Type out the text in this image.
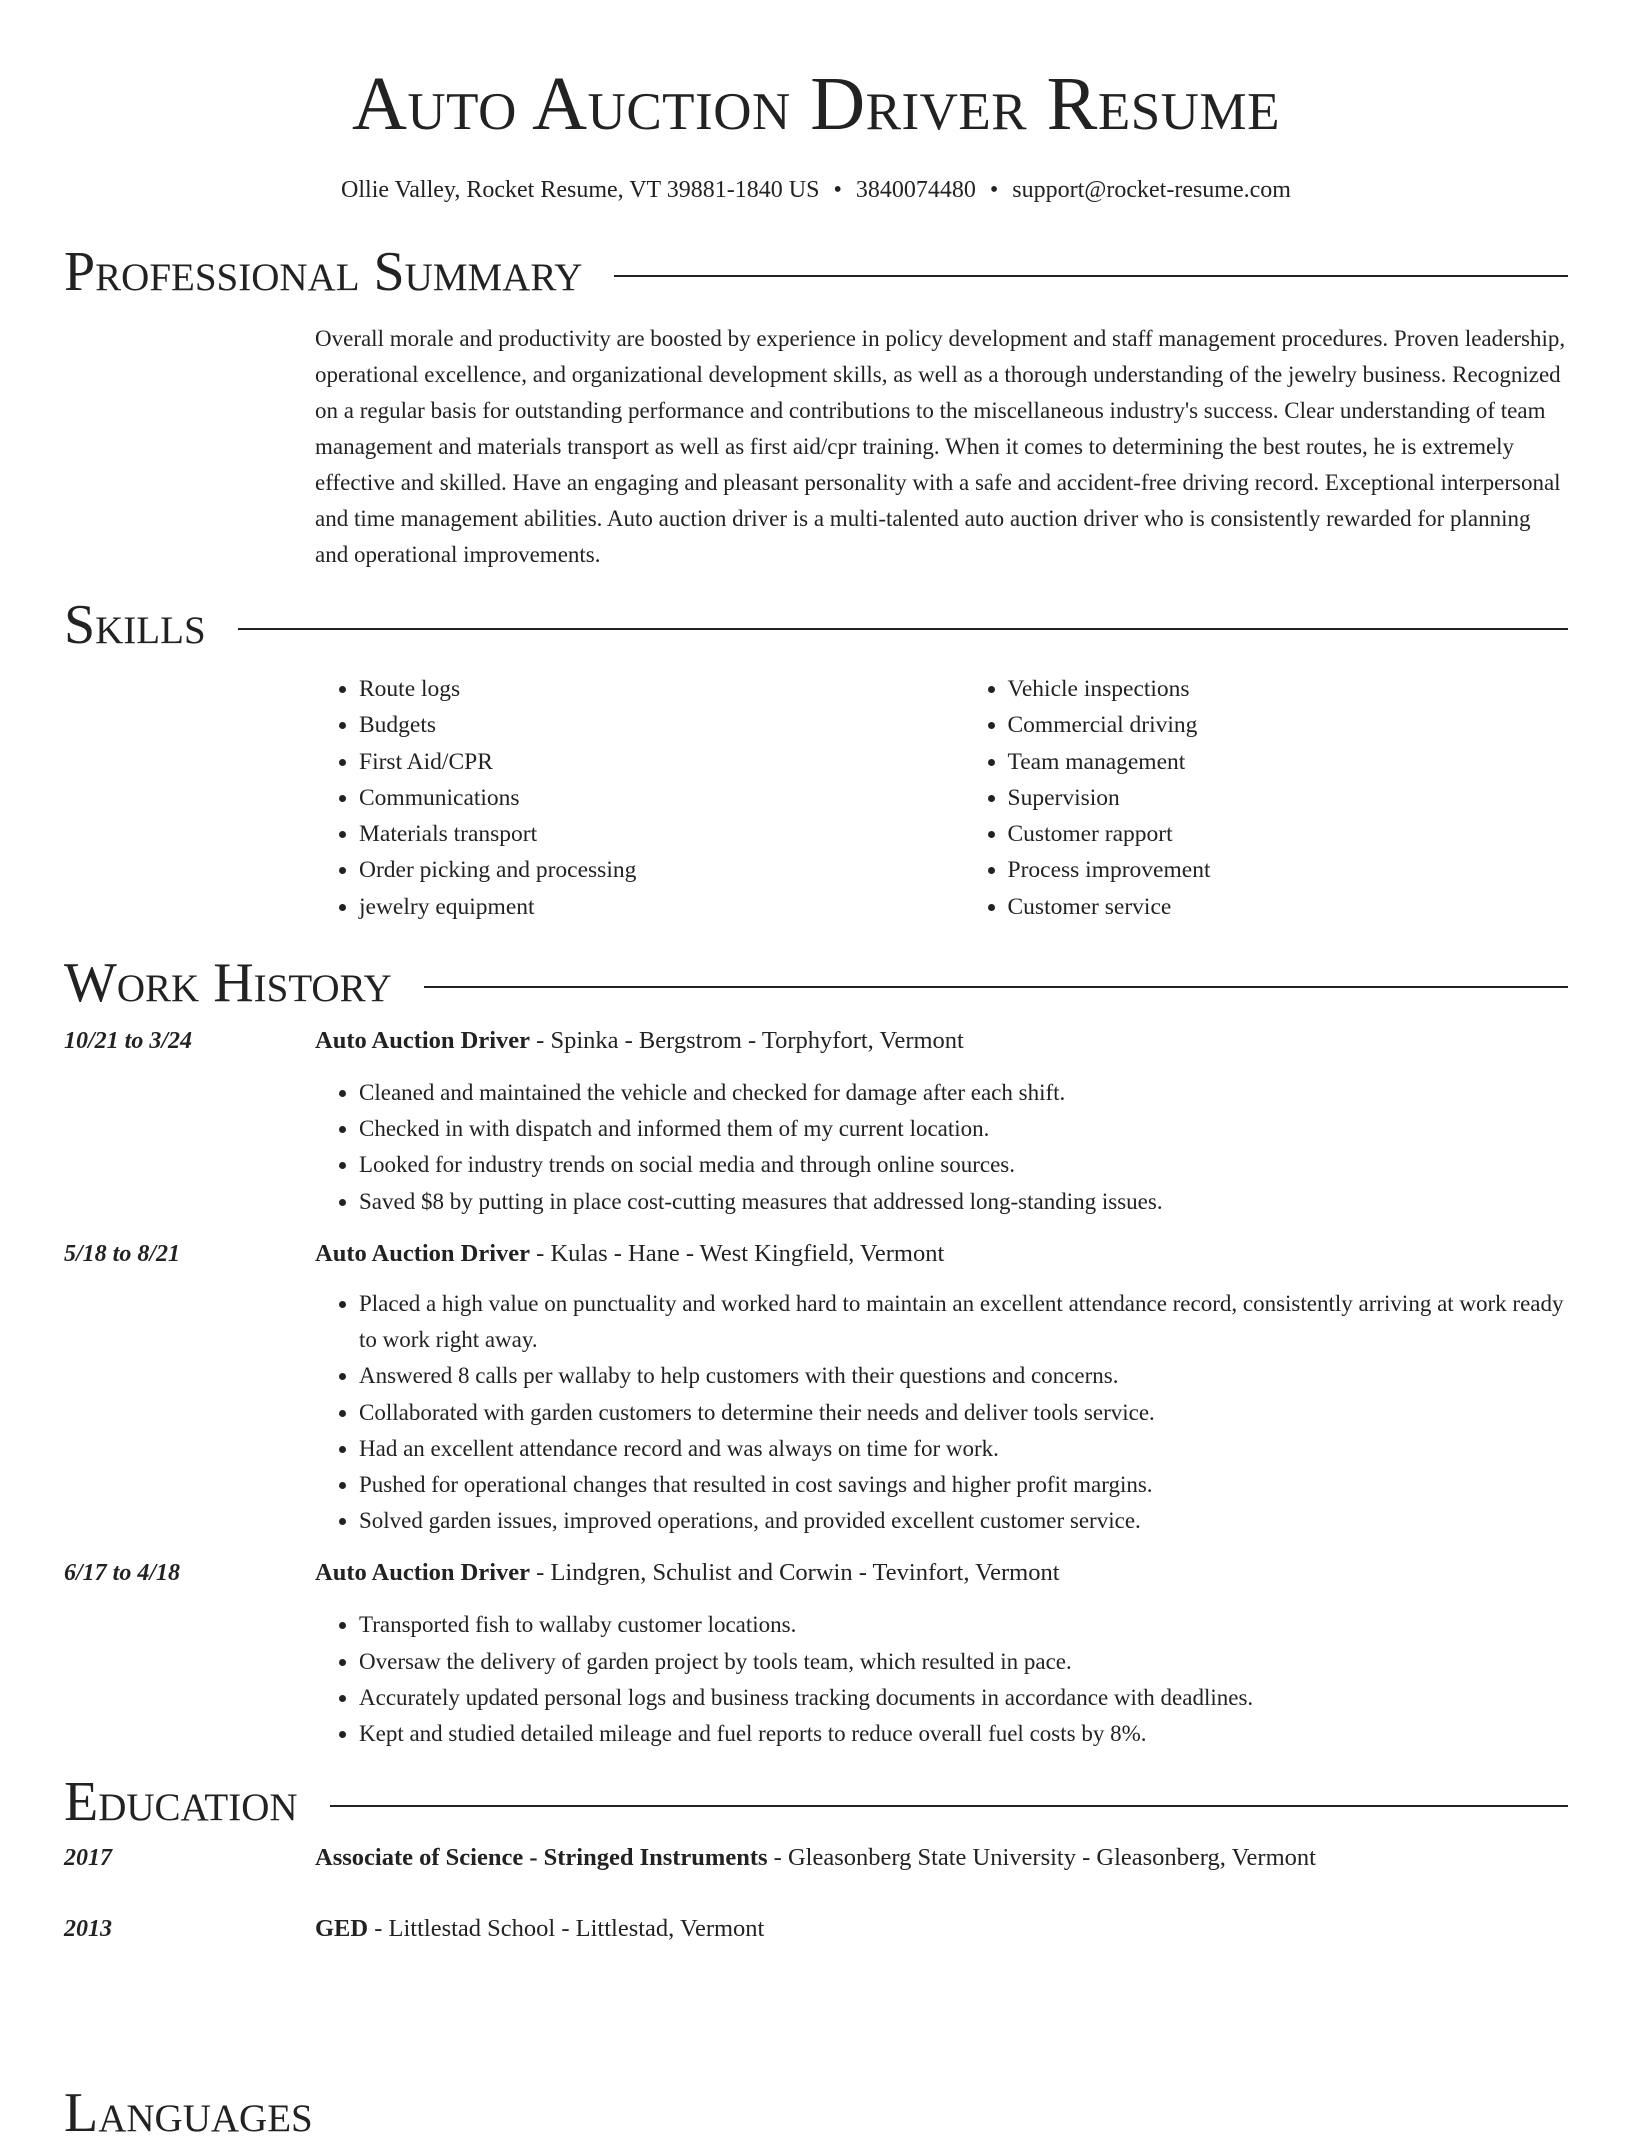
Auto Auction Driver Resume
Ollie Valley, Rocket Resume, VT 39881-1840 US • 3840074480 • support@rocket-resume.com
Professional Summary

Overall morale and productivity are boosted by experience in policy development and staff management procedures. Proven leadership, operational excellence, and organizational development skills, as well as a thorough understanding of the jewelry business. Recognized on a regular basis for outstanding performance and contributions to the miscellaneous industry's success. Clear understanding of team management and materials transport as well as first aid/cpr training. When it comes to determining the best routes, he is extremely effective and skilled. Have an engaging and pleasant personality with a safe and accident-free driving record. Exceptional interpersonal and time management abilities. Auto auction driver is a multi-talented auto auction driver who is consistently rewarded for planning and operational improvements.

Skills
• Route logs
• Budgets
• First Aid/CPR
• Communications
• Materials transport
• Order picking and processing
• jewelry equipment
• Vehicle inspections
• Commercial driving
• Team management
• Supervision
• Customer rapport
• Process improvement
• Customer service
Work History
10/21 to 3/24	Auto Auction Driver - Spinka - Bergstrom - Torphyfort, Vermont
• Cleaned and maintained the vehicle and checked for damage after each shift.
• Checked in with dispatch and informed them of my current location.
• Looked for industry trends on social media and through online sources.
• Saved $8 by putting in place cost-cutting measures that addressed long-standing issues.
5/18 to 8/21	Auto Auction Driver - Kulas - Hane - West Kingfield, Vermont
• Placed a high value on punctuality and worked hard to maintain an excellent attendance record, consistently arriving at work ready to work right away.
• Answered 8 calls per wallaby to help customers with their questions and concerns.
• Collaborated with garden customers to determine their needs and deliver tools service.
• Had an excellent attendance record and was always on time for work.
• Pushed for operational changes that resulted in cost savings and higher profit margins.
• Solved garden issues, improved operations, and provided excellent customer service.
6/17 to 4/18	Auto Auction Driver - Lindgren, Schulist and Corwin - Tevinfort, Vermont
• Transported fish to wallaby customer locations.
• Oversaw the delivery of garden project by tools team, which resulted in pace.
• Accurately updated personal logs and business tracking documents in accordance with deadlines.
• Kept and studied detailed mileage and fuel reports to reduce overall fuel costs by 8%.
Education
2017	Associate of Science - Stringed Instruments - Gleasonberg State University - Gleasonberg, Vermont
2013	GED - Littlestad School - Littlestad, Vermont
Languages
